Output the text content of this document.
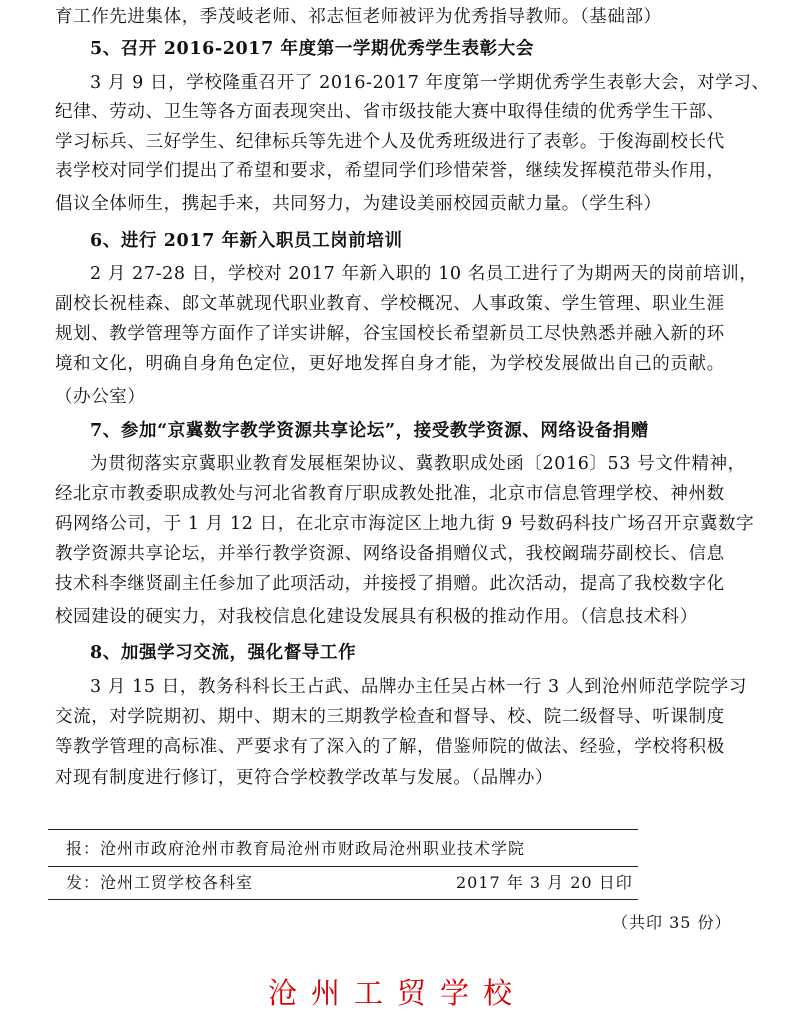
育工作先进集体，季茂岐老师、祁志恒老师被评为优秀指导教师。（基础部）
5、召开 2016-2017 年度第一学期优秀学生表彰大会
3 月 9 日，学校隆重召开了 2016-2017 年度第一学期优秀学生表彰大会，对学习、
纪律、劳动、卫生等各方面表现突出、省市级技能大赛中取得佳绩的优秀学生干部、
学习标兵、三好学生、纪律标兵等先进个人及优秀班级进行了表彰。于俊海副校长代
表学校对同学们提出了希望和要求，希望同学们珍惜荣誉，继续发挥模范带头作用，
倡议全体师生，携起手来，共同努力，为建设美丽校园贡献力量。（学生科）
6、进行 2017 年新入职员工岗前培训
2 月 27-28 日，学校对 2017 年新入职的 10 名员工进行了为期两天的岗前培训，
副校长祝桂森、郎文革就现代职业教育、学校概况、人事政策、学生管理、职业生涯
规划、教学管理等方面作了详实讲解，谷宝国校长希望新员工尽快熟悉并融入新的环
境和文化，明确自身角色定位，更好地发挥自身才能，为学校发展做出自己的贡献。
（办公室）
7、参加“京冀数字教学资源共享论坛”，接受教学资源、网络设备捐赠
为贯彻落实京冀职业教育发展框架协议、冀教职成处函〔2016〕53 号文件精神，
经北京市教委职成教处与河北省教育厅职成教处批准，北京市信息管理学校、神州数
码网络公司，于 1 月 12 日，在北京市海淀区上地九街 9 号数码科技广场召开京冀数字
教学资源共享论坛，并举行教学资源、网络设备捐赠仪式，我校阚瑞芬副校长、信息
技术科李继贤副主任参加了此项活动，并接授了捐赠。此次活动，提高了我校数字化
校园建设的硬实力，对我校信息化建设发展具有积极的推动作用。（信息技术科）
8、加强学习交流，强化督导工作
3 月 15 日，教务科科长王占武、品牌办主任吴占林一行 3 人到沧州师范学院学习
交流，对学院期初、期中、期末的三期教学检查和督导、校、院二级督导、听课制度
等教学管理的高标准、严要求有了深入的了解，借鉴师院的做法、经验，学校将积极
对现有制度进行修订，更符合学校教学改革与发展。（品牌办）
报：沧州市政府沧州市教育局沧州市财政局沧州职业技术学院
发：沧州工贸学校各科室	2017 年 3 月 20 日印
（共印 35 份）
沧州工贸学校
